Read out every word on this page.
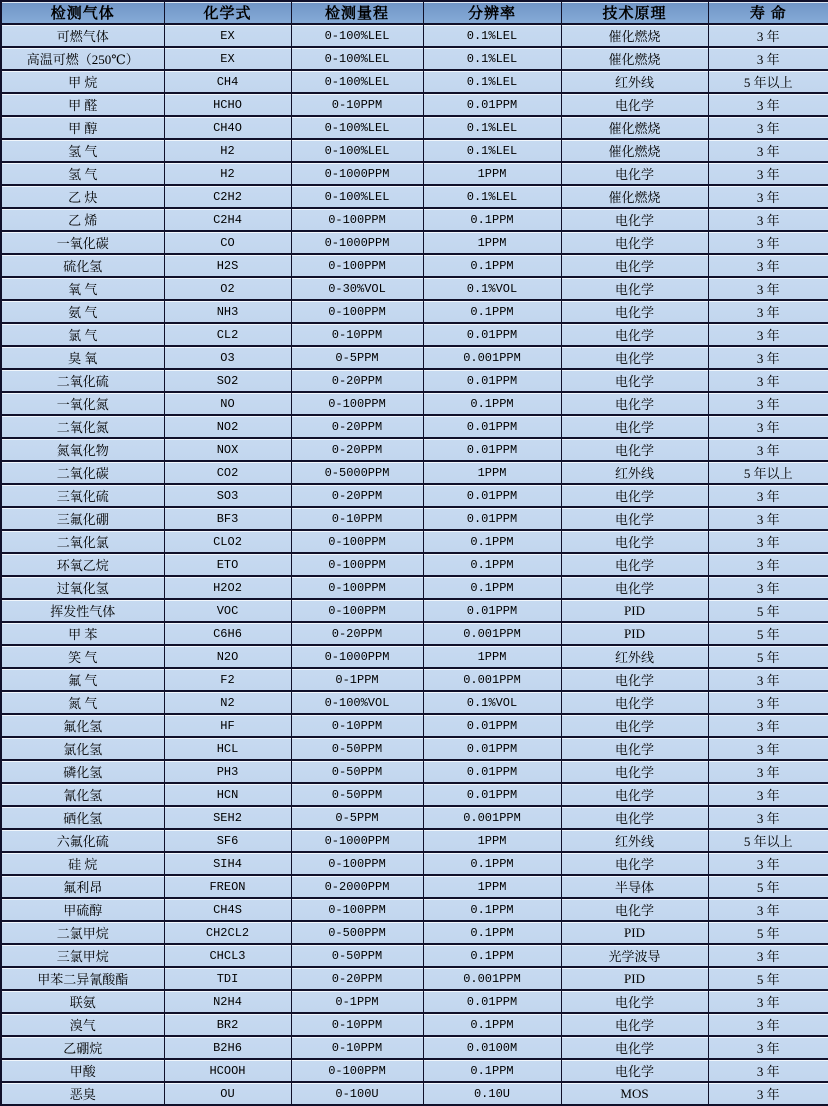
检测气体	化学式	检测量程	分辨率	技术原理	寿 命
可燃气体	EX	0-100%LEL	0.1%LEL	催化燃烧	3 年
高温可燃（250℃）	EX	0-100%LEL	0.1%LEL	催化燃烧	3 年
甲 烷	CH4	0-100%LEL	0.1%LEL	红外线	5 年以上
甲 醛	HCHO	0-10PPM	0.01PPM	电化学	3 年
甲 醇	CH4O	0-100%LEL	0.1%LEL	催化燃烧	3 年
氢 气	H2	0-100%LEL	0.1%LEL	催化燃烧	3 年
氢 气	H2	0-1000PPM	1PPM	电化学	3 年
乙 炔	C2H2	0-100%LEL	0.1%LEL	催化燃烧	3 年
乙 烯	C2H4	0-100PPM	0.1PPM	电化学	3 年
一氧化碳	CO	0-1000PPM	1PPM	电化学	3 年
硫化氢	H2S	0-100PPM	0.1PPM	电化学	3 年
氧 气	O2	0-30%VOL	0.1%VOL	电化学	3 年
氨 气	NH3	0-100PPM	0.1PPM	电化学	3 年
氯 气	CL2	0-10PPM	0.01PPM	电化学	3 年
臭 氧	O3	0-5PPM	0.001PPM	电化学	3 年
二氧化硫	SO2	0-20PPM	0.01PPM	电化学	3 年
一氧化氮	NO	0-100PPM	0.1PPM	电化学	3 年
二氧化氮	NO2	0-20PPM	0.01PPM	电化学	3 年
氮氧化物	NOX	0-20PPM	0.01PPM	电化学	3 年
二氧化碳	CO2	0-5000PPM	1PPM	红外线	5 年以上
三氧化硫	SO3	0-20PPM	0.01PPM	电化学	3 年
三氟化硼	BF3	0-10PPM	0.01PPM	电化学	3 年
二氧化氯	CLO2	0-100PPM	0.1PPM	电化学	3 年
环氧乙烷	ETO	0-100PPM	0.1PPM	电化学	3 年
过氧化氢	H2O2	0-100PPM	0.1PPM	电化学	3 年
挥发性气体	VOC	0-100PPM	0.01PPM	PID	5 年
甲 苯	C6H6	0-20PPM	0.001PPM	PID	5 年
笑 气	N2O	0-1000PPM	1PPM	红外线	5 年
氟 气	F2	0-1PPM	0.001PPM	电化学	3 年
氮 气	N2	0-100%VOL	0.1%VOL	电化学	3 年
氟化氢	HF	0-10PPM	0.01PPM	电化学	3 年
氯化氢	HCL	0-50PPM	0.01PPM	电化学	3 年
磷化氢	PH3	0-50PPM	0.01PPM	电化学	3 年
氰化氢	HCN	0-50PPM	0.01PPM	电化学	3 年
硒化氢	SEH2	0-5PPM	0.001PPM	电化学	3 年
六氟化硫	SF6	0-1000PPM	1PPM	红外线	5 年以上
硅 烷	SIH4	0-100PPM	0.1PPM	电化学	3 年
氟利昂	FREON	0-2000PPM	1PPM	半导体	5 年
甲硫醇	CH4S	0-100PPM	0.1PPM	电化学	3 年
二氯甲烷	CH2CL2	0-500PPM	0.1PPM	PID	5 年
三氯甲烷	CHCL3	0-50PPM	0.1PPM	光学波导	3 年
甲苯二异氰酸酯	TDI	0-20PPM	0.001PPM	PID	5 年
联氨	N2H4	0-1PPM	0.01PPM	电化学	3 年
溴气	BR2	0-10PPM	0.1PPM	电化学	3 年
乙硼烷	B2H6	0-10PPM	0.0100M	电化学	3 年
甲酸	HCOOH	0-100PPM	0.1PPM	电化学	3 年
恶臭	OU	0-100U	0.10U	MOS	3 年
